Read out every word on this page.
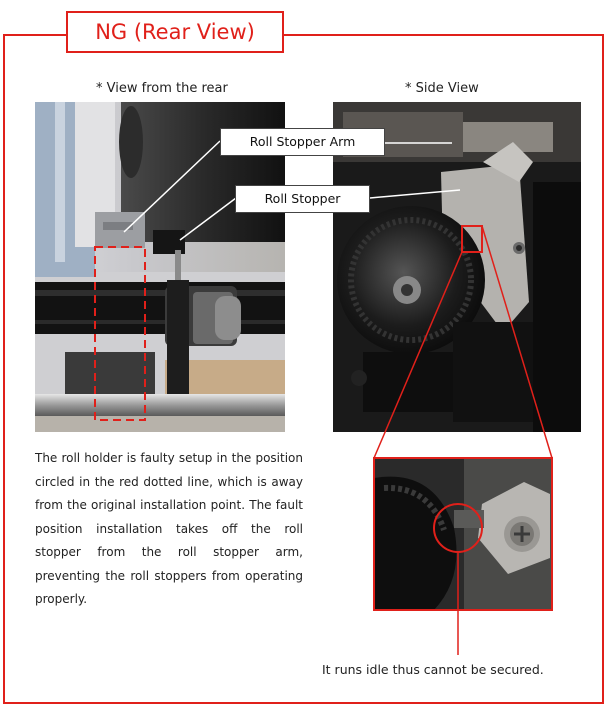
NG (Rear View)
* View from the rear	* Side View
Roll Stopper Arm
Roll Stopper
The roll holder is faulty setup in the position circled in the red dotted line, which is away from the original installation point. The fault position installation takes off the roll stopper from the roll stopper arm, preventing the roll stoppers from operating properly.
It runs idle thus cannot be secured.
